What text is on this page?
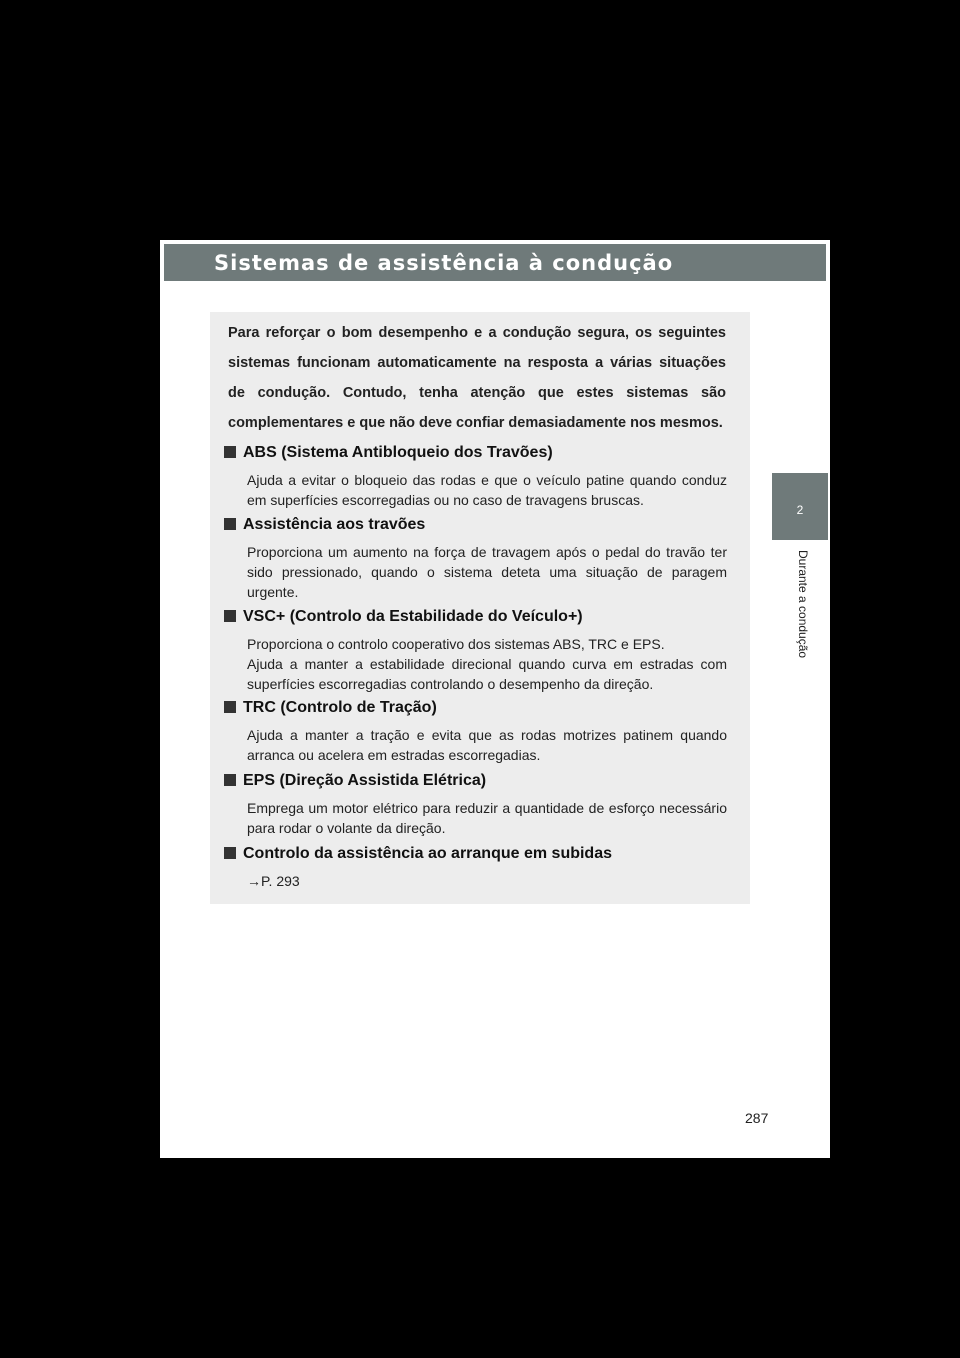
Sistemas de assistência à condução
2
Durante a condução
Para reforçar o bom desempenho e a condução segura, os seguintes sistemas funcionam automaticamente na resposta a várias situações de condução. Contudo, tenha atenção que estes sistemas são complementares e que não deve confiar demasiadamente nos mesmos.
ABS (Sistema Antibloqueio dos Travões)
Ajuda a evitar o bloqueio das rodas e que o veículo patine quando conduz em superfícies escorregadias ou no caso de travagens bruscas.
Assistência aos travões
Proporciona um aumento na força de travagem após o pedal do travão ter sido pressionado, quando o sistema deteta uma situação de paragem urgente.
VSC+ (Controlo da Estabilidade do Veículo+)
Proporciona o controlo cooperativo dos sistemas ABS, TRC e EPS.
Ajuda a manter a estabilidade direcional quando curva em estradas com superfícies escorregadias controlando o desempenho da direção.
TRC (Controlo de Tração)
Ajuda a manter a tração e evita que as rodas motrizes patinem quando arranca ou acelera em estradas escorregadias.
EPS (Direção Assistida Elétrica)
Emprega um motor elétrico para reduzir a quantidade de esforço necessário para rodar o volante da direção.
Controlo da assistência ao arranque em subidas
→P. 293
287
